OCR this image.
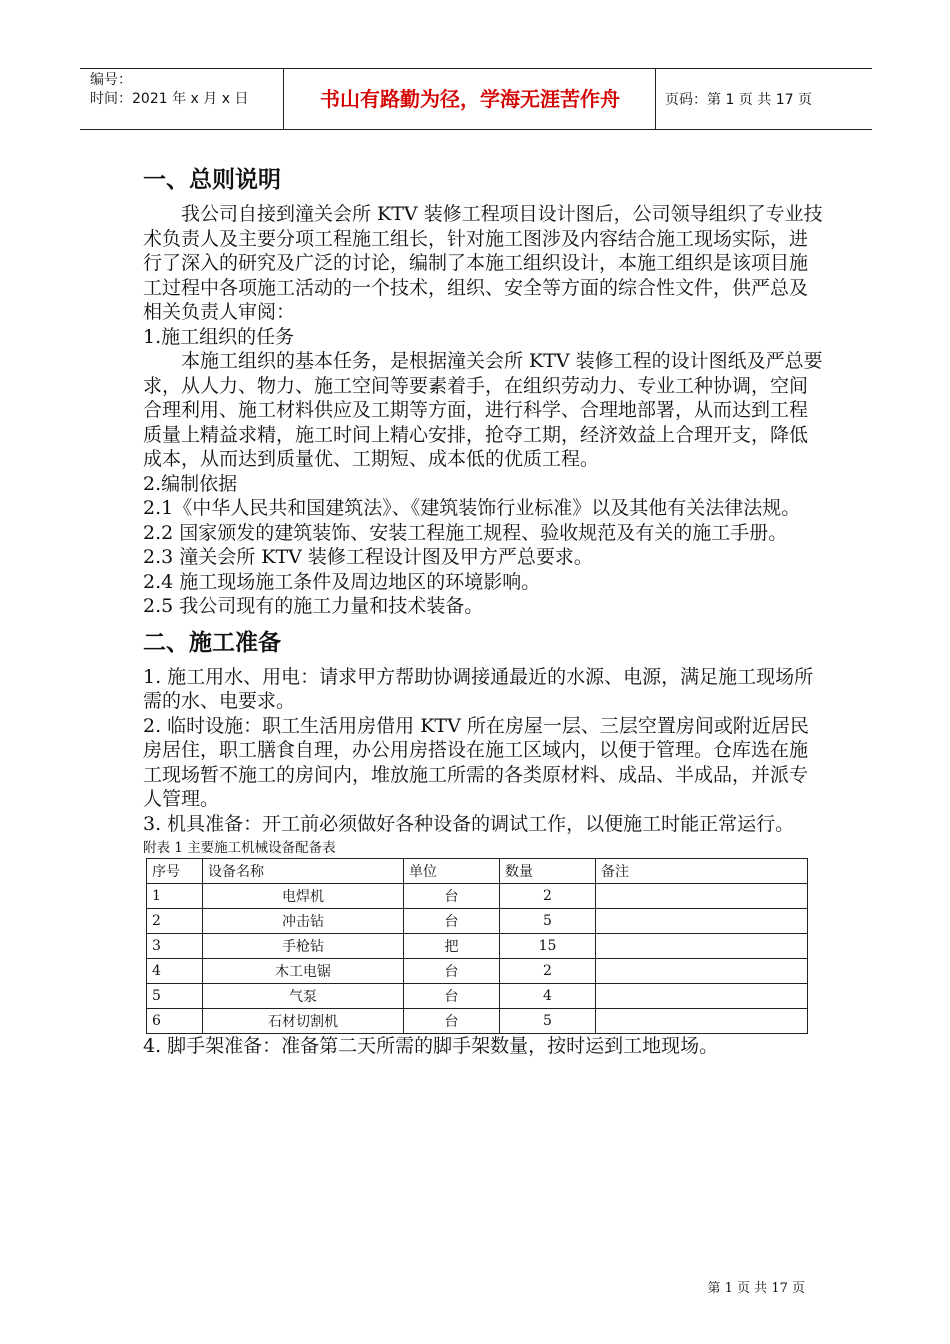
编号：
时间：2021 年 x 月 x 日	书山有路勤为径，学海无涯苦作舟	页码：第 1 页 共 17 页
一、总则说明

我公司自接到潼关会所 KTV 装修工程项目设计图后，公司领导组织了专业技术负责人及主要分项工程施工组长，针对施工图涉及内容结合施工现场实际，进行了深入的研究及广泛的讨论，编制了本施工组织设计，本施工组织是该项目施工过程中各项施工活动的一个技术，组织、安全等方面的综合性文件，供严总及相关负责人审阅：

1.施工组织的任务

本施工组织的基本任务，是根据潼关会所 KTV 装修工程的设计图纸及严总要求，从人力、物力、施工空间等要素着手，在组织劳动力、专业工种协调，空间合理利用、施工材料供应及工期等方面，进行科学、合理地部署，从而达到工程质量上精益求精，施工时间上精心安排，抢夺工期，经济效益上合理开支，降低成本，从而达到质量优、工期短、成本低的优质工程。

2.编制依据

2.1《中华人民共和国建筑法》、《建筑装饰行业标准》以及其他有关法律法规。

2.2 国家颁发的建筑装饰、安装工程施工规程、验收规范及有关的施工手册。

2.3 潼关会所 KTV 装修工程设计图及甲方严总要求。

2.4 施工现场施工条件及周边地区的环境影响。

2.5 我公司现有的施工力量和技术装备。

二、施工准备

1. 施工用水、用电：请求甲方帮助协调接通最近的水源、电源，满足施工现场所需的水、电要求。

2. 临时设施：职工生活用房借用 KTV 所在房屋一层、三层空置房间或附近居民房居住，职工膳食自理，办公用房搭设在施工区域内，以便于管理。仓库选在施工现场暂不施工的房间内，堆放施工所需的各类原材料、成品、半成品，并派专人管理。

3. 机具准备：开工前必须做好各种设备的调试工作，以便施工时能正常运行。

附表 1 主要施工机械设备配备表
序号	设备名称	单位	数量	备注
1	电焊机	台	2	
2	冲击钻	台	5	
3	手枪钻	把	15	
4	木工电锯	台	2	
5	气泵	台	4	
6	石材切割机	台	5	

4. 脚手架准备：准备第二天所需的脚手架数量，按时运到工地现场。

第 1 页 共 17 页
